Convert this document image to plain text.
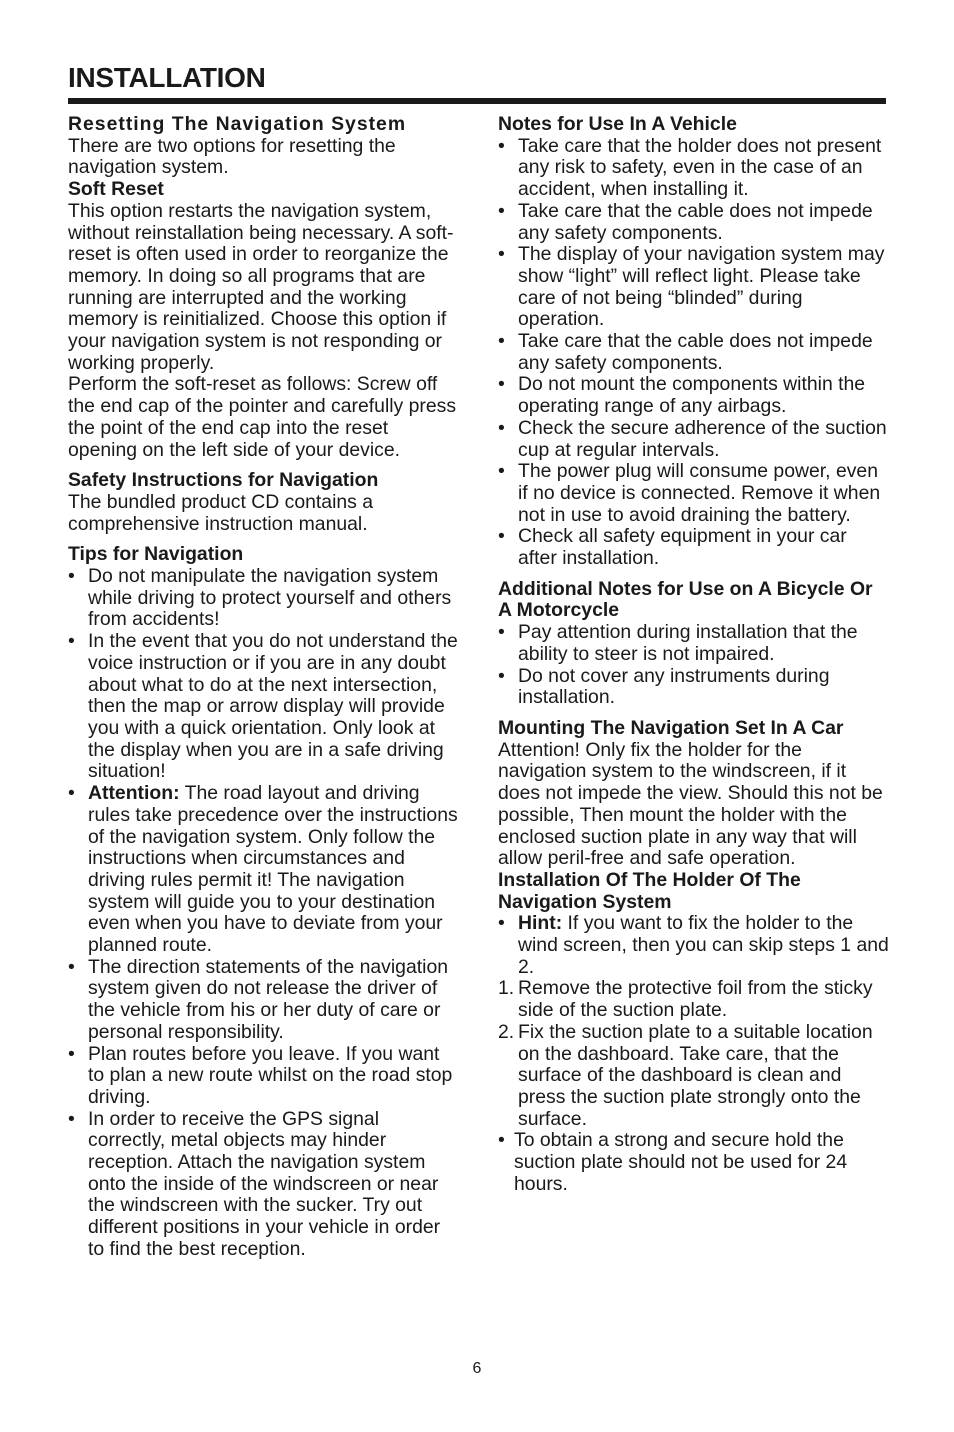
INSTALLATION

Resetting The Navigation System

There are two options for resetting the navigation system.

Soft Reset

This option restarts the navigation system, without reinstallation being necessary. A soft-reset is often used in order to reorganize the memory. In doing so all programs that are running are interrupted and the working memory is reinitialized. Choose this option if your navigation system is not responding or working properly.

Perform the soft-reset as follows: Screw off the end cap of the pointer and carefully press the point of the end cap into the reset opening on the left side of your device.

Safety Instructions for Navigation

The bundled product CD contains a comprehensive instruction manual.

Tips for Navigation

• Do not manipulate the navigation system while driving to protect yourself and others from accidents!
• In the event that you do not understand the voice instruction or if you are in any doubt about what to do at the next intersection, then the map or arrow display will provide you with a quick orientation. Only look at the display when you are in a safe driving situation!
• Attention: The road layout and driving rules take precedence over the instructions of the navigation system. Only follow the instructions when circumstances and driving rules permit it! The navigation system will guide you to your destination even when you have to deviate from your planned route.
• The direction statements of the navigation system given do not release the driver of the vehicle from his or her duty of care or personal responsibility.
• Plan routes before you leave. If you want to plan a new route whilst on the road stop driving.
• In order to receive the GPS signal correctly, metal objects may hinder reception. Attach the navigation system onto the inside of the windscreen or near the windscreen with the sucker. Try out different positions in your vehicle in order to find the best reception.

Notes for Use In A Vehicle

• Take care that the holder does not present any risk to safety, even in the case of an accident, when installing it.
• Take care that the cable does not impede any safety components.
• The display of your navigation system may show “light” will reflect light. Please take care of not being “blinded” during operation.
• Take care that the cable does not impede any safety components.
• Do not mount the components within the operating range of any airbags.
• Check the secure adherence of the suction cup at regular intervals.
• The power plug will consume power, even if no device is connected. Remove it when not in use to avoid draining the battery.
• Check all safety equipment in your car after installation.

Additional Notes for Use on A Bicycle Or A Motorcycle

• Pay attention during installation that the ability to steer is not impaired.
• Do not cover any instruments during installation.

Mounting The Navigation Set In A Car

Attention! Only fix the holder for the navigation system to the windscreen, if it does not impede the view. Should this not be possible, Then mount the holder with the enclosed suction plate in any way that will allow peril-free and safe operation.

Installation Of The Holder Of The Navigation System

• Hint: If you want to fix the holder to the wind screen, then you can skip steps 1 and 2.
1. Remove the protective foil from the sticky side of the suction plate.
2. Fix the suction plate to a suitable location on the dashboard. Take care, that the surface of the dashboard is clean and press the suction plate strongly onto the surface.
• To obtain a strong and secure hold the suction plate should not be used for 24 hours.
6
